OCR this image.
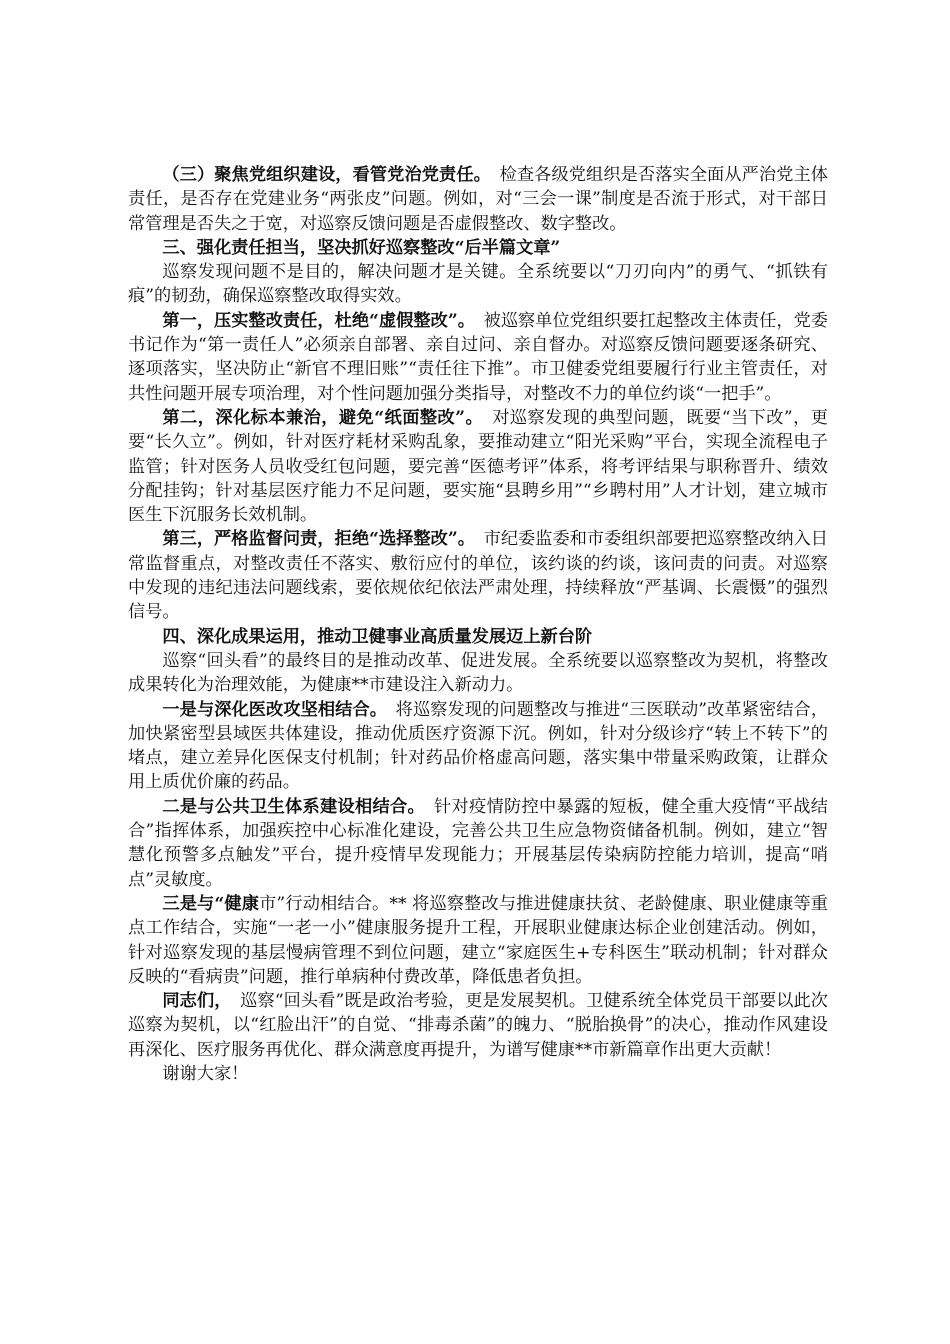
（三）聚焦党组织建设，看管党治党责任。　检查各级党组织是否落实全面从严治党主体责任，是否存在党建业务“两张皮”问题。例如，对“三会一课”制度是否流于形式，对干部日常管理是否失之于宽，对巡察反馈问题是否虚假整改、数字整改。

三、强化责任担当，坚决抓好巡察整改“后半篇文章”

巡察发现问题不是目的，解决问题才是关键。全系统要以“刀刃向内”的勇气、“抓铁有痕”的韧劲，确保巡察整改取得实效。

第一，压实整改责任，杜绝“虚假整改”。　被巡察单位党组织要扛起整改主体责任，党委书记作为“第一责任人”必须亲自部署、亲自过问、亲自督办。对巡察反馈问题要逐条研究、逐项落实，坚决防止“新官不理旧账”“责任往下推”。市卫健委党组要履行行业主管责任，对共性问题开展专项治理，对个性问题加强分类指导，对整改不力的单位约谈“一把手”。

第二，深化标本兼治，避免“纸面整改”。　对巡察发现的典型问题，既要“当下改”，更要“长久立”。例如，针对医疗耗材采购乱象，要推动建立“阳光采购”平台，实现全流程电子监管；针对医务人员收受红包问题，要完善“医德考评”体系，将考评结果与职称晋升、绩效分配挂钩；针对基层医疗能力不足问题，要实施“县聘乡用”“乡聘村用”人才计划，建立城市医生下沉服务长效机制。

第三，严格监督问责，拒绝“选择整改”。　市纪委监委和市委组织部要把巡察整改纳入日常监督重点，对整改责任不落实、敷衍应付的单位，该约谈的约谈，该问责的问责。对巡察中发现的违纪违法问题线索，要依规依纪依法严肃处理，持续释放“严基调、长震慑”的强烈信号。

四、深化成果运用，推动卫健事业高质量发展迈上新台阶

巡察“回头看”的最终目的是推动改革、促进发展。全系统要以巡察整改为契机，将整改成果转化为治理效能，为健康**市建设注入新动力。

一是与深化医改攻坚相结合。　将巡察发现的问题整改与推进“三医联动”改革紧密结合，加快紧密型县域医共体建设，推动优质医疗资源下沉。例如，针对分级诊疗“转上不转下”的堵点，建立差异化医保支付机制；针对药品价格虚高问题，落实集中带量采购政策，让群众用上质优价廉的药品。

二是与公共卫生体系建设相结合。　针对疫情防控中暴露的短板，健全重大疫情“平战结合”指挥体系，加强疾控中心标准化建设，完善公共卫生应急物资储备机制。例如，建立“智慧化预警多点触发”平台，提升疫情早发现能力；开展基层传染病防控能力培训，提高“哨点”灵敏度。

三是与“健康市”行动相结合。** 将巡察整改与推进健康扶贫、老龄健康、职业健康等重点工作结合，实施“一老一小”健康服务提升工程，开展职业健康达标企业创建活动。例如，针对巡察发现的基层慢病管理不到位问题，建立“家庭医生+专科医生”联动机制；针对群众反映的“看病贵”问题，推行单病种付费改革，降低患者负担。

同志们，　巡察“回头看”既是政治考验，更是发展契机。卫健系统全体党员干部要以此次巡察为契机，以“红脸出汗”的自觉、“排毒杀菌”的魄力、“脱胎换骨”的决心，推动作风建设再深化、医疗服务再优化、群众满意度再提升，为谱写健康**市新篇章作出更大贡献！

谢谢大家！
